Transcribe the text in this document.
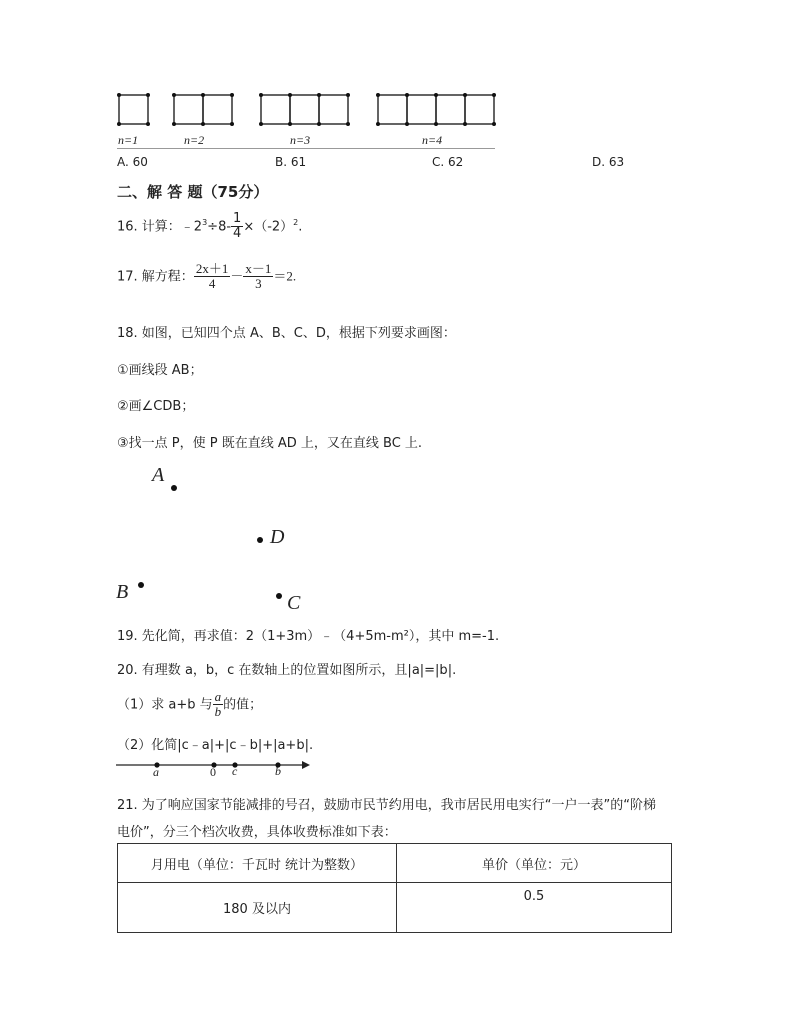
n=1	n=2	n=3	n=4
A. 60	B. 61	C. 62	D. 63
二、解 答 题（75分）
16. 计算：$﹣2^3\div 8- \frac{1}{4} \times(-2)^2$.
17. 解方程： $\frac{2x+1}{4} - \frac{x-1}{3} =2$.
18. 如图，已知四个点 A、B、C、D，根据下列要求画图：
①画线段 AB；
②画∠CDB；
③找一点 P，使 P 既在直线 AD 上，又在直线 BC 上.
A
D
B	C
19. 先化简，再求值：2（1+3m）﹣（4+5m-m²），其中 m=-1.
20. 有理数 a，b，c 在数轴上的位置如图所示，且|a|=|b|.
（1）求 a+b 与 $\frac{a}{b}$ 的值；
（2）化简|c﹣a|+|c﹣b|+|a+b|.
a	0 c	b
21. 为了响应国家节能减排的号召，鼓励市民节约用电，我市居民用电实行“一户一表”的“阶梯
电价”，分三个档次收费，具体收费标准如下表：
月用电（单位：千瓦时 统计为整数）	单价（单位：元）
180 及以内	0.5
